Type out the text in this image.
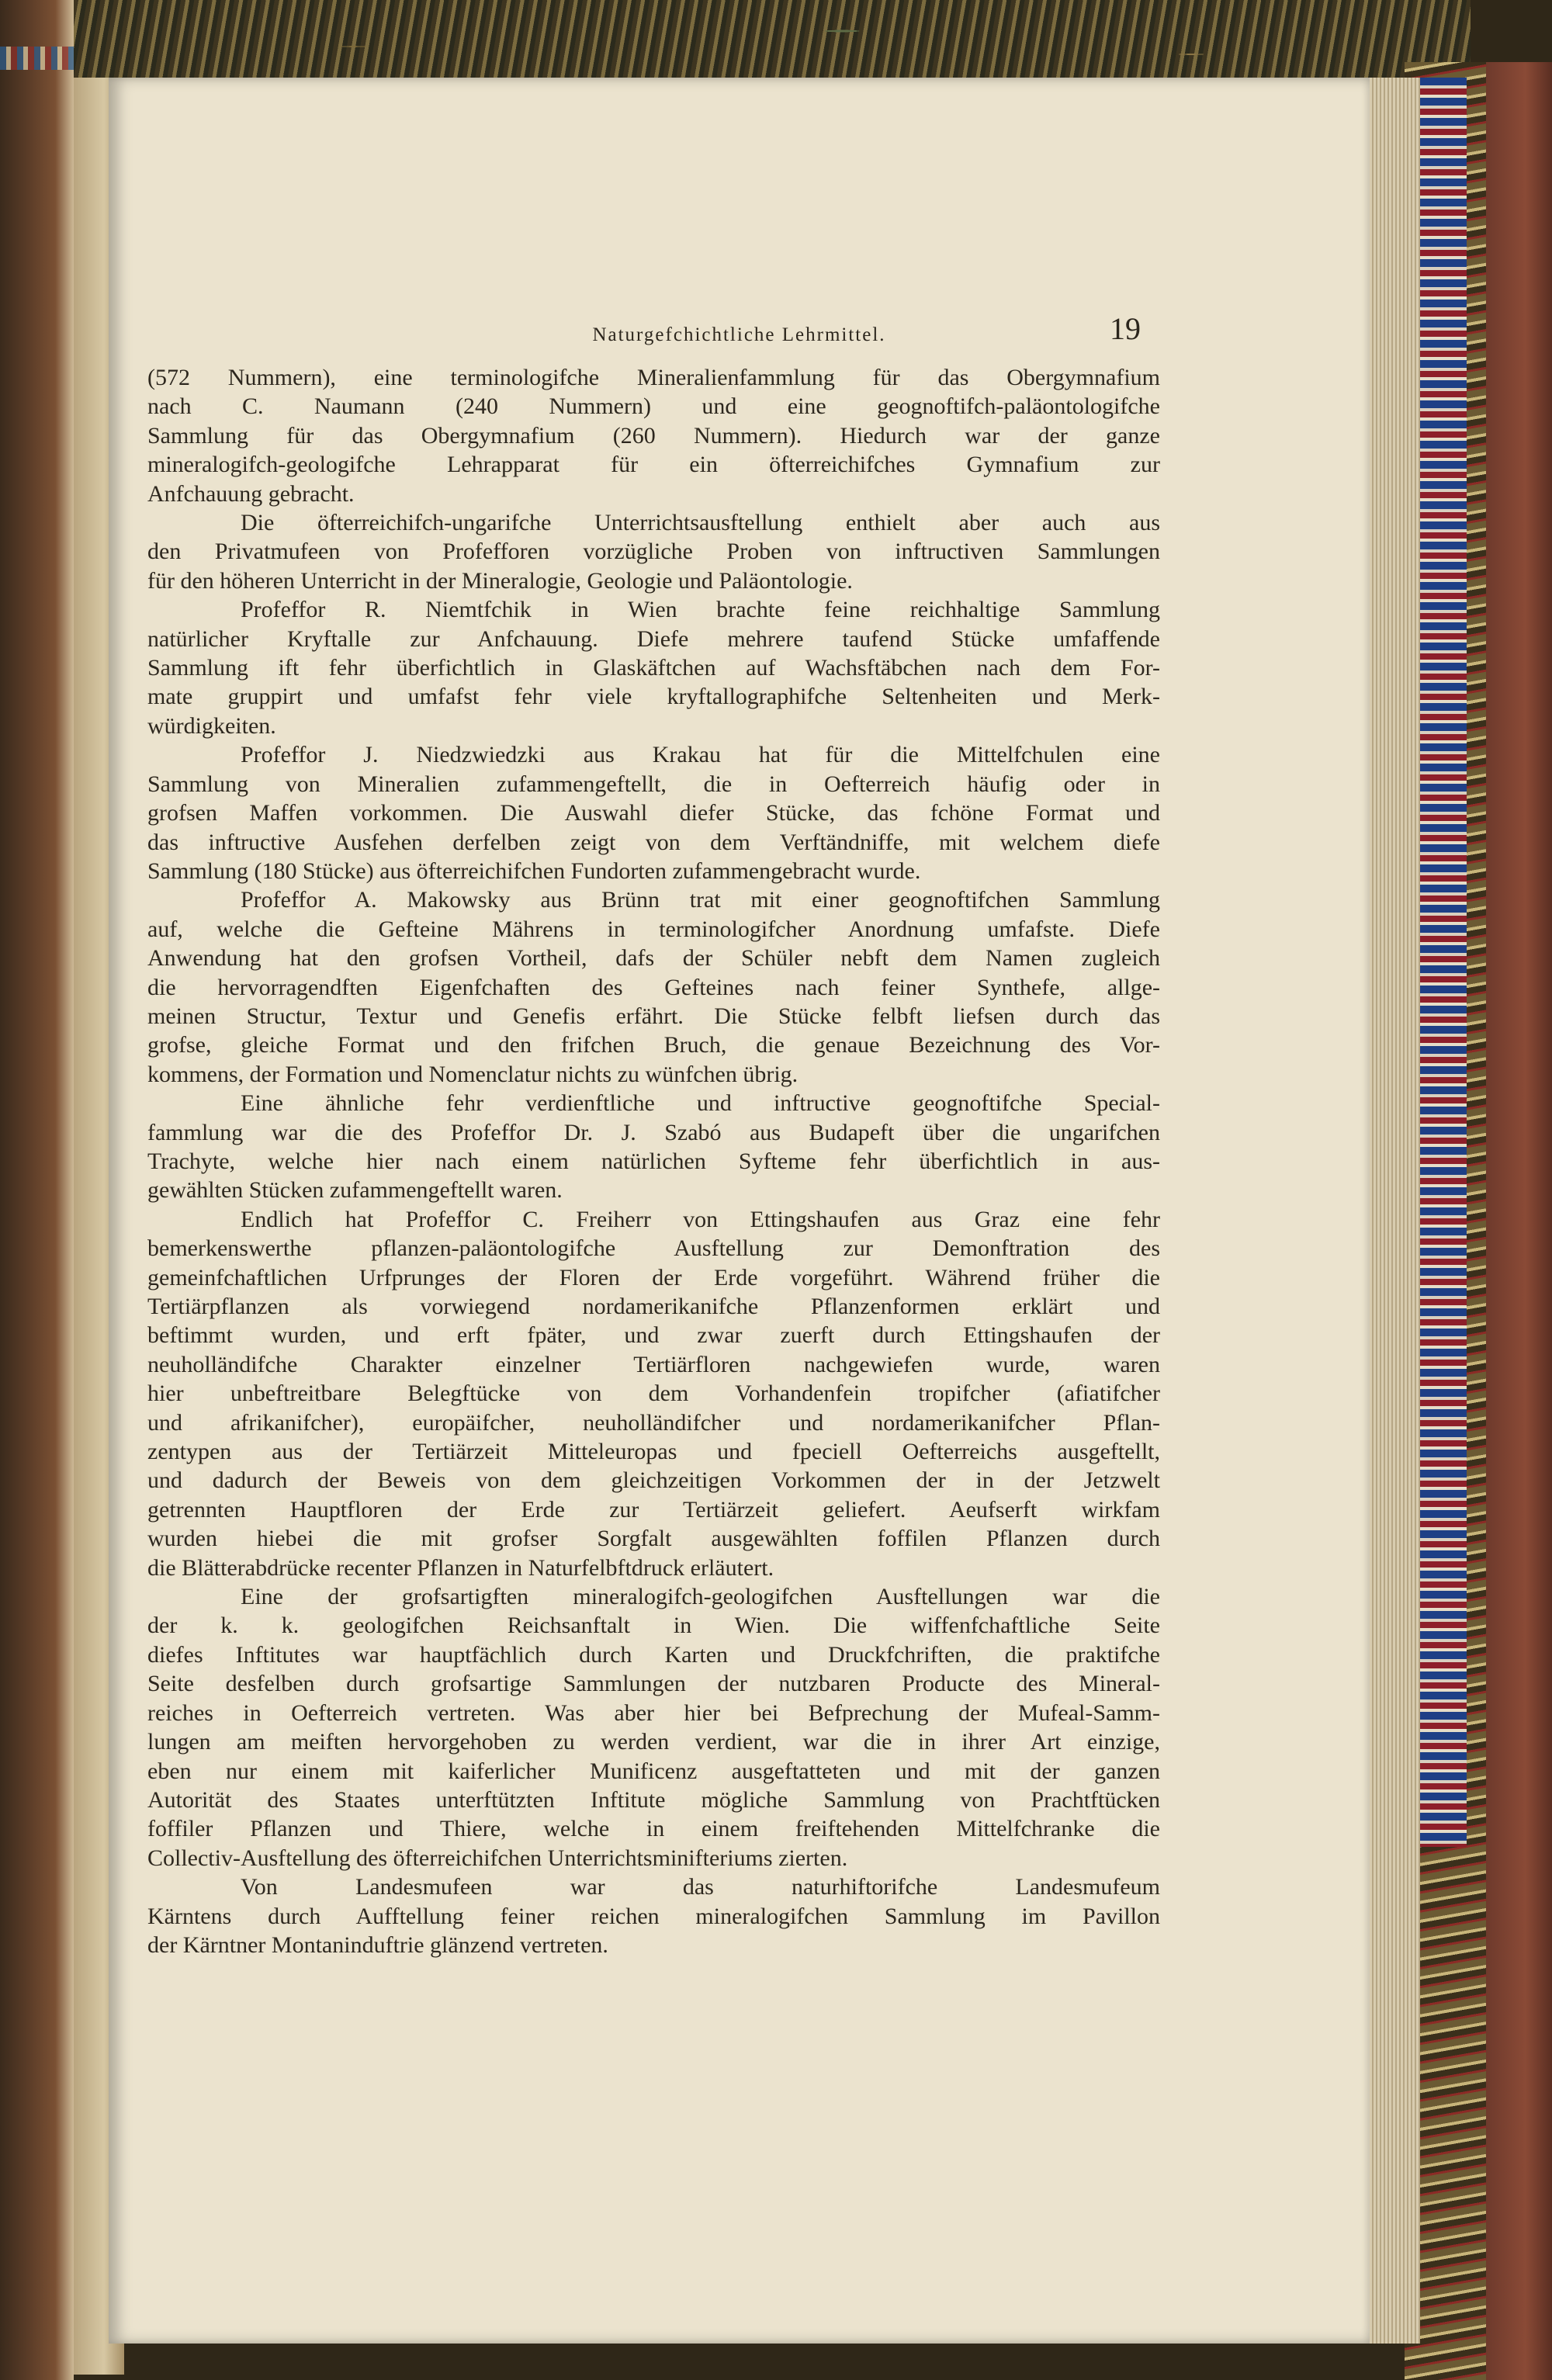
Naturgefchichtliche Lehrmittel.	19
(572 Nummern), eine terminologifche Mineralienfammlung für das Obergymnafium
nach C. Naumann (240 Nummern) und eine geognoftifch-paläontologifche
Sammlung für das Obergymnafium (260 Nummern). Hiedurch war der ganze
mineralogifch-geologifche Lehrapparat für ein öfterreichifches Gymnafium zur
Anfchauung gebracht.
Die öfterreichifch-ungarifche Unterrichtsausftellung enthielt aber auch aus
den Privatmufeen von Profefforen vorzügliche Proben von inftructiven Sammlungen
für den höheren Unterricht in der Mineralogie, Geologie und Paläontologie.
Profeffor R. Niemtfchik in Wien brachte feine reichhaltige Sammlung
natürlicher Kryftalle zur Anfchauung. Diefe mehrere taufend Stücke umfaffende
Sammlung ift fehr überfichtlich in Glaskäftchen auf Wachsftäbchen nach dem For-
mate gruppirt und umfafst fehr viele kryftallographifche Seltenheiten und Merk-
würdigkeiten.
Profeffor J. Niedzwiedzki aus Krakau hat für die Mittelfchulen eine
Sammlung von Mineralien zufammengeftellt, die in Oefterreich häufig oder in
grofsen Maffen vorkommen. Die Auswahl diefer Stücke, das fchöne Format und
das inftructive Ausfehen derfelben zeigt von dem Verftändniffe, mit welchem diefe
Sammlung (180 Stücke) aus öfterreichifchen Fundorten zufammengebracht wurde.
Profeffor A. Makowsky aus Brünn trat mit einer geognoftifchen Sammlung
auf, welche die Gefteine Mährens in terminologifcher Anordnung umfafste. Diefe
Anwendung hat den grofsen Vortheil, dafs der Schüler nebft dem Namen zugleich
die hervorragendften Eigenfchaften des Gefteines nach feiner Synthefe, allge-
meinen Structur, Textur und Genefis erfährt. Die Stücke felbft liefsen durch das
grofse, gleiche Format und den frifchen Bruch, die genaue Bezeichnung des Vor-
kommens, der Formation und Nomenclatur nichts zu wünfchen übrig.
Eine ähnliche fehr verdienftliche und inftructive geognoftifche Special-
fammlung war die des Profeffor Dr. J. Szabó aus Budapeft über die ungarifchen
Trachyte, welche hier nach einem natürlichen Syfteme fehr überfichtlich in aus-
gewählten Stücken zufammengeftellt waren.
Endlich hat Profeffor C. Freiherr von Ettingshaufen aus Graz eine fehr
bemerkenswerthe pflanzen-paläontologifche Ausftellung zur Demonftration des
gemeinfchaftlichen Urfprunges der Floren der Erde vorgeführt. Während früher die
Tertiärpflanzen als vorwiegend nordamerikanifche Pflanzenformen erklärt und
beftimmt wurden, und erft fpäter, und zwar zuerft durch Ettingshaufen der
neuholländifche Charakter einzelner Tertiärfloren nachgewiefen wurde, waren
hier unbeftreitbare Belegftücke von dem Vorhandenfein tropifcher (afiatifcher
und afrikanifcher), europäifcher, neuholländifcher und nordamerikanifcher Pflan-
zentypen aus der Tertiärzeit Mitteleuropas und fpeciell Oefterreichs ausgeftellt,
und dadurch der Beweis von dem gleichzeitigen Vorkommen der in der Jetzwelt
getrennten Hauptfloren der Erde zur Tertiärzeit geliefert. Aeufserft wirkfam
wurden hiebei die mit grofser Sorgfalt ausgewählten foffilen Pflanzen durch
die Blätterabdrücke recenter Pflanzen in Naturfelbftdruck erläutert.
Eine der grofsartigften mineralogifch-geologifchen Ausftellungen war die
der k. k. geologifchen Reichsanftalt in Wien. Die wiffenfchaftliche Seite
diefes Inftitutes war hauptfächlich durch Karten und Druckfchriften, die praktifche
Seite desfelben durch grofsartige Sammlungen der nutzbaren Producte des Mineral-
reiches in Oefterreich vertreten. Was aber hier bei Befprechung der Mufeal-Samm-
lungen am meiften hervorgehoben zu werden verdient, war die in ihrer Art einzige,
eben nur einem mit kaiferlicher Munificenz ausgeftatteten und mit der ganzen
Autorität des Staates unterftützten Inftitute mögliche Sammlung von Prachtftücken
foffiler Pflanzen und Thiere, welche in einem freiftehenden Mittelfchranke die
Collectiv-Ausftellung des öfterreichifchen Unterrichtsminifteriums zierten.
Von Landesmufeen war das naturhiftorifche Landesmufeum
Kärntens durch Aufftellung feiner reichen mineralogifchen Sammlung im Pavillon
der Kärntner Montaninduftrie glänzend vertreten.
